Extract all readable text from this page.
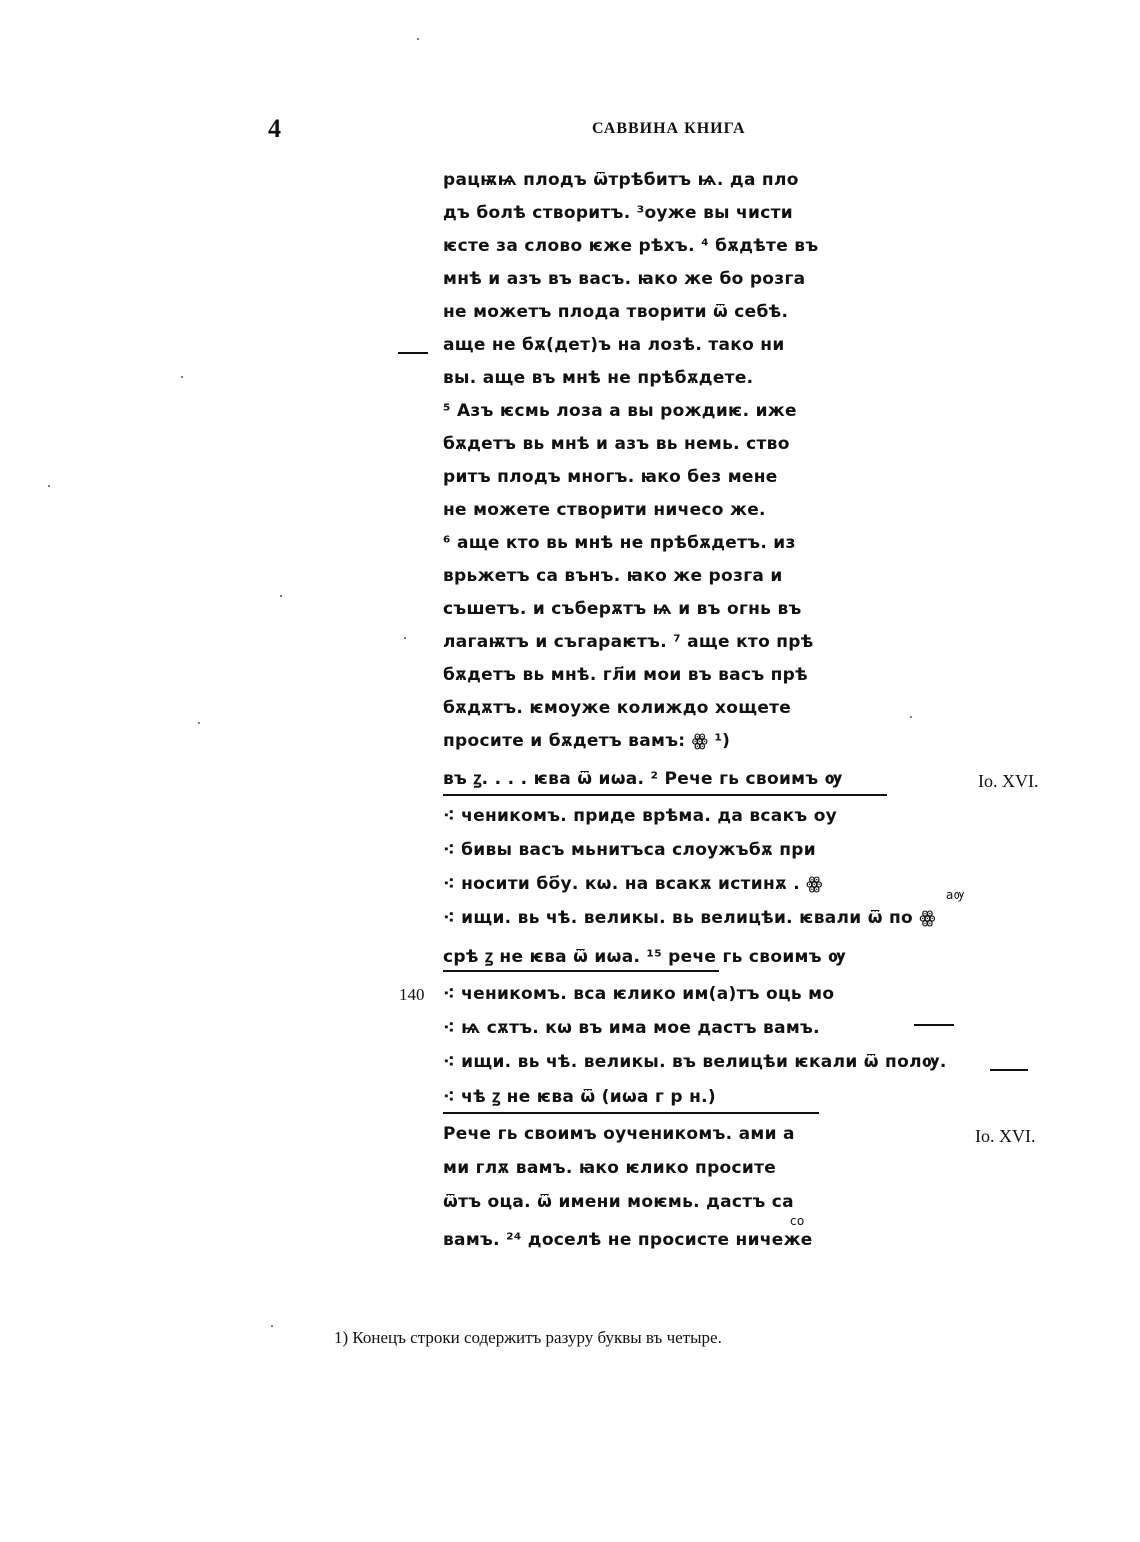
4	САВВИНА КНИГА
рацѭѩ плодъ ѿтрѣбитъ ѩ. да пло
дъ болѣ створитъ. ³оуже вы чисти
ѥсте за слово ѥже рѣхъ. ⁴ бѫдѣте въ
мнѣ и азъ въ васъ. ꙗко же бо розга
не можетъ плода творити ѿ себѣ.
аще не бѫ(дет)ъ на лозѣ. тако ни
вы. аще въ мнѣ не прѣбѫдете.
⁵ Азъ ѥсмь лоза а вы рождиѥ. иже
бѫдетъ вь мнѣ и азъ вь немь. ство
ритъ плодъ многъ. ꙗко без мене
не можете створити ничесо же.
⁶ аще кто вь мнѣ не прѣбѫдетъ. из
врьжетъ са вънъ. ꙗко же розга и
съшетъ. и съберѫтъ ѩ и въ огнь въ
лагаѭтъ и съгараѥтъ. ⁷ аще кто прѣ
бѫдетъ вь мнѣ. гл҃и мои въ васъ прѣ
бѫдѫтъ. ѥмоуже колиждо хощете
просите и бѫдетъ вамъ: ꙮ ¹)
въ ꙁ. . . . ѥва ѿ иѡа. ² Рече гь своимъ ѹ
⁖ ченикомъ. приде врѣма. да всакъ оу
⁖ бивы васъ мьнитъса слоужъбѫ при
⁖ носити бо҃у. кѡ. на всакѫ истинѫ . ꙮ
аѹ
⁖ ищи. вь чѣ. великы. вь велицѣи. ѥвали ѿ по ꙮ
срѣ ꙁ не ѥва ѿ иѡа. ¹⁵ рече гь своимъ ѹ
⁖ ченикомъ. вса ѥлико им(а)тъ оць мо
⁖ ѩ сѫтъ. кѡ въ има мое дастъ вамъ.
⁖ ищи. вь чѣ. великы. въ велицѣи ѥкали ѿ полѹ.
⁖ чѣ ꙁ не ѥва ѿ (иѡа г р н.)
Рече гь своимъ оученикомъ. ами а
ми глѫ вамъ. ꙗко ѥлико просите
ѿтъ оца. ѿ имени моѥмь. дастъ са
со
вамъ. ²⁴ доселѣ не просисте ничеже
140
Io. XVI.
Io. XVI.
1) Конецъ строки содержитъ разуру буквы въ четыре.
